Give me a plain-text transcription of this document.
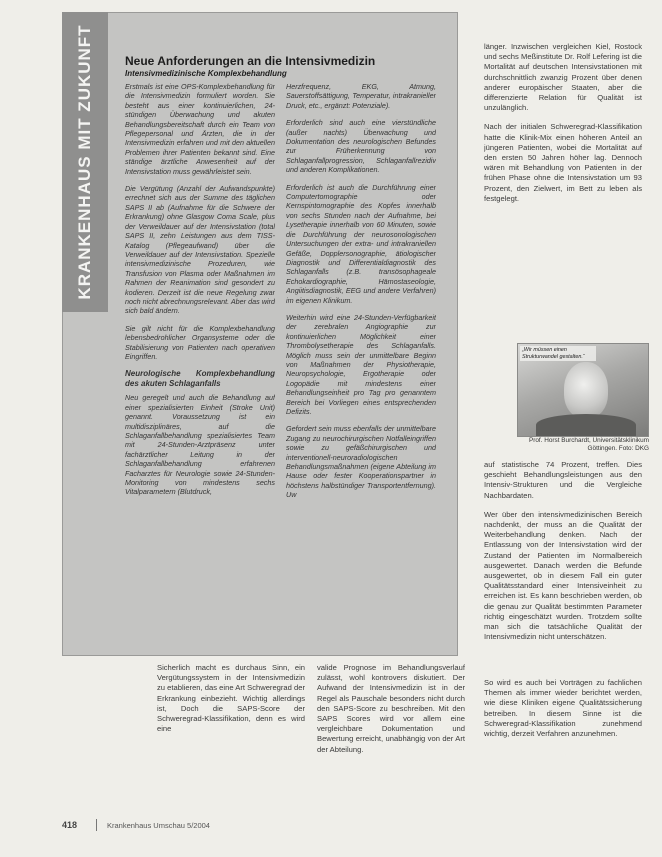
KRANKENHAUS MIT ZUKUNFT	Neue Anforderungen an die Intensivmedizin
Intensivmedizinische Komplexbehandlung

Erstmals ist eine OPS-Komplexbehandlung für die Intensivmedizin formuliert worden. Sie besteht aus einer kontinuierlichen, 24-stündigen Überwachung und akuten Behandlungsbereitschaft durch ein Team von Pflegepersonal und Ärzten, die in der Intensivmedizin erfahren und mit den aktuellen Problemen ihrer Patienten bekannt sind. Eine ständige ärztliche Anwesenheit auf der Intensivstation muss gewährleistet sein.

Die Vergütung (Anzahl der Aufwandspunkte) errechnet sich aus der Summe des täglichen SAPS II ab (Aufnahme für die Schwere der Erkrankung) ohne Glasgow Coma Scale, plus der Verweildauer auf der Intensivstation (total SAPS II, zehn Leistungen aus dem TISS-Katalog (Pflegeaufwand) über die Verweildauer auf der Intensivstation. Spezielle intensivmedizinische Prozeduren, wie Transfusion von Plasma oder Maßnahmen im Rahmen der Reanimation sind gesondert zu kodieren. Derzeit ist die neue Regelung zwar noch nicht abrechnungsrelevant. Aber das wird sich bald ändern.

Sie gilt nicht für die Komplexbehandlung lebensbedrohlicher Organsysteme oder die Stabilisierung von Patienten nach operativen Eingriffen.

Neurologische Komplexbehandlung des akuten Schlaganfalls

Neu geregelt und auch die Behandlung auf einer spezialisierten Einheit (Stroke Unit) genannt. Voraussetzung ist ein multidisziplinäres, auf die Schlaganfallbehandlung spezialisiertes Team mit 24-Stunden-Arztpräsenz unter fachärztlicher Leitung in der Schlaganfallbehandlung erfahrenen Facharztes für Neurologie sowie 24-Stunden-Monitoring von mindestens sechs Vitalparametern (Blutdruck,

Herzfrequenz, EKG, Atmung, Sauerstoffsättigung, Temperatur, intrakranieller Druck, etc., ergänzt: Potenziale).

Erforderlich sind auch eine vierstündliche (außer nachts) Überwachung und Dokumentation des neurologischen Befundes zur Früherkennung von Schlaganfallprogression, Schlaganfallrezidiv und anderen Komplikationen.

Erforderlich ist auch die Durchführung einer Computertomographie oder Kernspintomographie des Kopfes innerhalb von sechs Stunden nach der Aufnahme, bei Lysetherapie innerhalb von 60 Minuten, sowie die Durchführung der neurosonologischen Untersuchungen der extra- und intrakraniellen Gefäße, Dopplersonographie, ätiologischer Diagnostik und Differentialdiagnostik des Schlaganfalls (z.B. transösophageale Echokardiographie, Hämostaseologie, Angiitisdiagnostik, EEG und andere Verfahren) im eigenen Klinikum.

Weiterhin wird eine 24-Stunden-Verfügbarkeit der zerebralen Angiographie zur kontinuierlichen Möglichkeit einer Thrombolysetherapie des Schlaganfalls. Möglich muss sein der unmittelbare Beginn von Maßnahmen der Physiotherapie, Neuropsychologie, Ergotherapie oder Logopädie mit mindestens einer Behandlungseinheit pro Tag pro genanntem Bereich bei Vorliegen eines entsprechenden Defizits.

Gefordert sein muss ebenfalls der unmittelbare Zugang zu neurochirurgischen Notfalleingriffen sowie zu gefäßchirurgischen und interventionell-neuroradiologischen Behandlungsmaßnahmen (eigene Abteilung im Hause oder fester Kooperationspartner in höchstens halbstündiger Transportentfernung). Uw

länger. Inzwischen vergleichen Kiel, Rostock und sechs Meßinstitute Dr. Rolf Lefering ist die Mortalität auf deutschen Intensivstationen mit durchschnittlich zwanzig Prozent über denen anderer europäischer Staaten, aber die differenzierte Relation für Qualität ist unzulänglich.

Nach der initialen Schweregrad-Klassifikation hatte die Klinik-Mix einen höheren Anteil an jüngeren Patienten, wobei die Mortalität auf den ersten 50 Jahren höher lag. Dennoch wären mit Behandlung von Patienten in der frühen Phase ohne die Intensivstation um 93 Prozent, den Zielwert, im Bett zu leben als festgelegt.

„Wir müssen einen Strukturwandel gestalten.“
Prof. Horst Burchardt, Universitätsklinikum Göttingen. Foto: DKG

auf statistische 74 Prozent, treffen. Dies geschieht Behandlungsleistungen aus den Intensiv-Strukturen und die Vergleiche Nachbardaten.

Wer über den intensivmedizinischen Bereich nachdenkt, der muss an die Qualität der Weiterbehandlung denken. Nach der Entlassung von der Intensivstation wird der Zustand der Patienten im Normalbereich ausgewertet. Danach werden die Befunde ausgewertet, ob in diesem Fall ein guter Qualitätsstandard einer Intensiveinheit zu erreichen ist. Es kann beschrieben werden, ob die genau zur Qualität bestimmten Parameter richtig eingeschätzt wurden. Trotzdem sollte man sich die tatsächliche Qualität der Intensivmedizin nicht unterschätzen.

Sicherlich macht es durchaus Sinn, ein Vergütungssystem in der Intensivmedizin zu etablieren, das eine Art Schweregrad der Erkrankung einbezieht. Wichtig allerdings ist, Doch die SAPS-Score der Schweregrad-Klassifikation, denn es wird eine
valide Prognose im Behandlungsverlauf zulässt, wohl kontrovers diskutiert. Der Aufwand der Intensivmedizin ist in der Regel als Pauschale besonders nicht durch den SAPS-Score zu beschreiben. Mit den SAPS Scores wird vor allem eine vergleichbare Dokumentation und Bewertung erreicht, unabhängig von der Art der Abteilung.
So wird es auch bei Vorträgen zu fachlichen Themen als immer wieder berichtet werden, wie diese Kliniken eigene Qualitätssicherung betreiben. In diesem Sinne ist die Schweregrad-Klassifikation zunehmend wichtig, derzeit Verfahren anzunehmen.
418	Krankenhaus Umschau 5/2004
